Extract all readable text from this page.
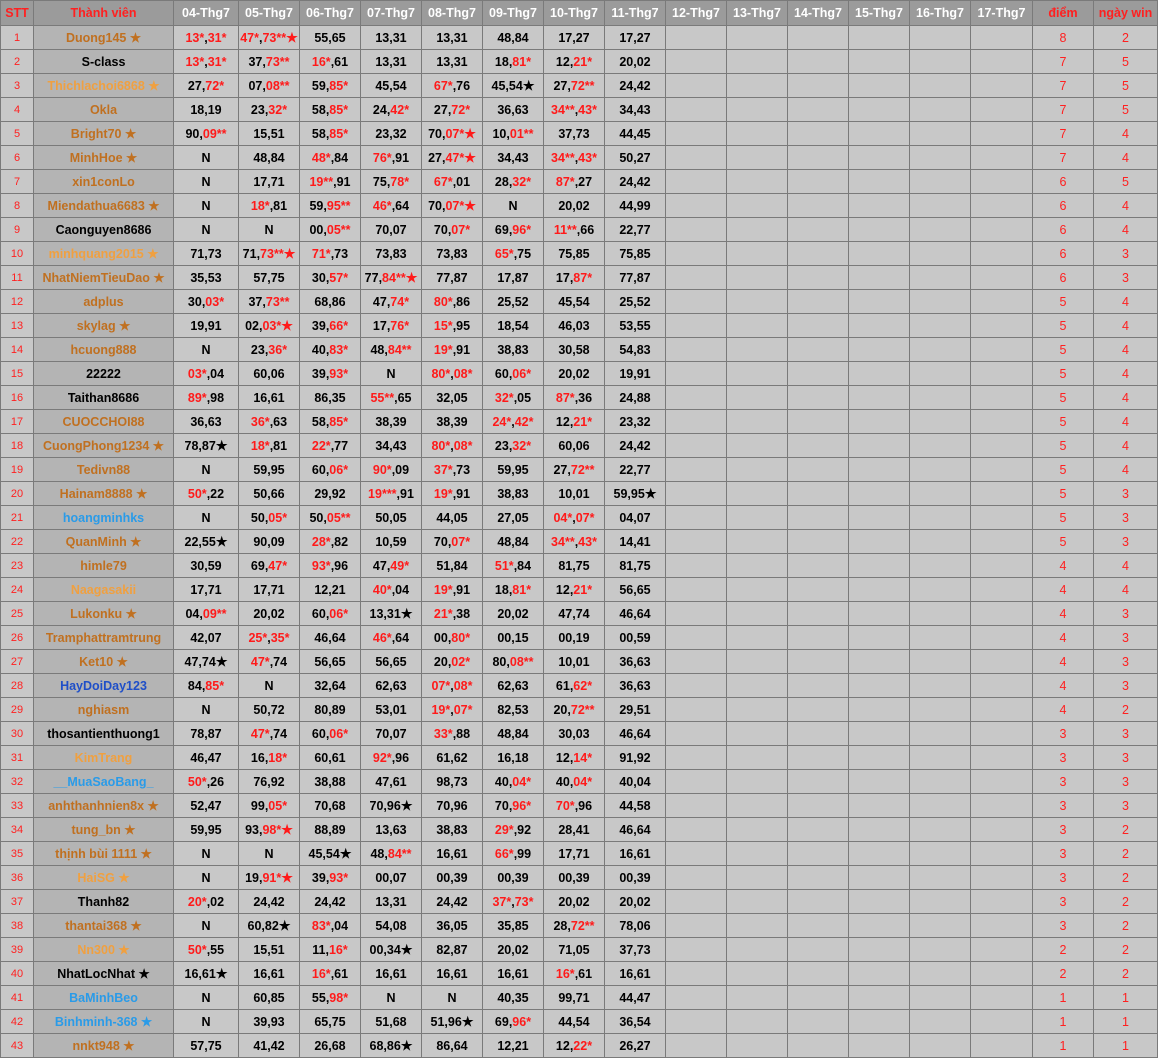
STT	Thành viên	04-Thg7	05-Thg7	06-Thg7	07-Thg7	08-Thg7	09-Thg7	10-Thg7	11-Thg7	12-Thg7	13-Thg7	14-Thg7	15-Thg7	16-Thg7	17-Thg7	điểm	ngày win
1	Duong145 ★	13*,31*	47*,73**★	55,65	13,31	13,31	48,84	17,27	17,27							8	2
2	S-class	13*,31*	37,73**	16*,61	13,31	13,31	18,81*	12,21*	20,02							7	5
3	Thichlachoi6868 ★	27,72*	07,08**	59,85*	45,54	67*,76	45,54★	27,72**	24,42							7	5
4	Okla	18,19	23,32*	58,85*	24,42*	27,72*	36,63	34**,43*	34,43							7	5
5	Bright70 ★	90,09**	15,51	58,85*	23,32	70,07*★	10,01**	37,73	44,45							7	4
6	MinhHoe ★	N	48,84	48*,84	76*,91	27,47*★	34,43	34**,43*	50,27							7	4
7	xin1conLo	N	17,71	19**,91	75,78*	67*,01	28,32*	87*,27	24,42							6	5
8	Miendathua6683 ★	N	18*,81	59,95**	46*,64	70,07*★	N	20,02	44,99							6	4
9	Caonguyen8686	N	N	00,05**	70,07	70,07*	69,96*	11**,66	22,77							6	4
10	minhquang2015 ★	71,73	71,73**★	71*,73	73,83	73,83	65*,75	75,85	75,85							6	3
11	NhatNiemTieuDao ★	35,53	57,75	30,57*	77,84**★	77,87	17,87	17,87*	77,87							6	3
12	adplus	30,03*	37,73**	68,86	47,74*	80*,86	25,52	45,54	25,52							5	4
13	skylag ★	19,91	02,03*★	39,66*	17,76*	15*,95	18,54	46,03	53,55							5	4
14	hcuong888	N	23,36*	40,83*	48,84**	19*,91	38,83	30,58	54,83							5	4
15	22222	03*,04	60,06	39,93*	N	80*,08*	60,06*	20,02	19,91							5	4
16	Taithan8686	89*,98	16,61	86,35	55**,65	32,05	32*,05	87*,36	24,88							5	4
17	CUOCCHOI88	36,63	36*,63	58,85*	38,39	38,39	24*,42*	12,21*	23,32							5	4
18	CuongPhong1234 ★	78,87★	18*,81	22*,77	34,43	80*,08*	23,32*	60,06	24,42							5	4
19	Tedivn88	N	59,95	60,06*	90*,09	37*,73	59,95	27,72**	22,77							5	4
20	Hainam8888 ★	50*,22	50,66	29,92	19***,91	19*,91	38,83	10,01	59,95★							5	3
21	hoangminhks	N	50,05*	50,05**	50,05	44,05	27,05	04*,07*	04,07							5	3
22	QuanMinh ★	22,55★	90,09	28*,82	10,59	70,07*	48,84	34**,43*	14,41							5	3
23	himle79	30,59	69,47*	93*,96	47,49*	51,84	51*,84	81,75	81,75							4	4
24	Naagasakii	17,71	17,71	12,21	40*,04	19*,91	18,81*	12,21*	56,65							4	4
25	Lukonku ★	04,09**	20,02	60,06*	13,31★	21*,38	20,02	47,74	46,64							4	3
26	Tramphattramtrung	42,07	25*,35*	46,64	46*,64	00,80*	00,15	00,19	00,59							4	3
27	Ket10 ★	47,74★	47*,74	56,65	56,65	20,02*	80,08**	10,01	36,63							4	3
28	HayDoiDay123	84,85*	N	32,64	62,63	07*,08*	62,63	61,62*	36,63							4	3
29	nghiasm	N	50,72	80,89	53,01	19*,07*	82,53	20,72**	29,51							4	2
30	thosantienthuong1	78,87	47*,74	60,06*	70,07	33*,88	48,84	30,03	46,64							3	3
31	KimTrang	46,47	16,18*	60,61	92*,96	61,62	16,18	12,14*	91,92							3	3
32	__MuaSaoBang_	50*,26	76,92	38,88	47,61	98,73	40,04*	40,04*	40,04							3	3
33	anhthanhnien8x ★	52,47	99,05*	70,68	70,96★	70,96	70,96*	70*,96	44,58							3	3
34	tung_bn ★	59,95	93,98*★	88,89	13,63	38,83	29*,92	28,41	46,64							3	2
35	thịnh bùi 1111 ★	N	N	45,54★	48,84**	16,61	66*,99	17,71	16,61							3	2
36	HaiSG ★	N	19,91*★	39,93*	00,07	00,39	00,39	00,39	00,39							3	2
37	Thanh82	20*,02	24,42	24,42	13,31	24,42	37*,73*	20,02	20,02							3	2
38	thantai368 ★	N	60,82★	83*,04	54,08	36,05	35,85	28,72**	78,06							3	2
39	Nn300 ★	50*,55	15,51	11,16*	00,34★	82,87	20,02	71,05	37,73							2	2
40	NhatLocNhat ★	16,61★	16,61	16*,61	16,61	16,61	16,61	16*,61	16,61							2	2
41	BaMinhBeo	N	60,85	55,98*	N	N	40,35	99,71	44,47							1	1
42	Binhminh-368 ★	N	39,93	65,75	51,68	51,96★	69,96*	44,54	36,54							1	1
43	nnkt948 ★	57,75	41,42	26,68	68,86★	86,64	12,21	12,22*	26,27							1	1
